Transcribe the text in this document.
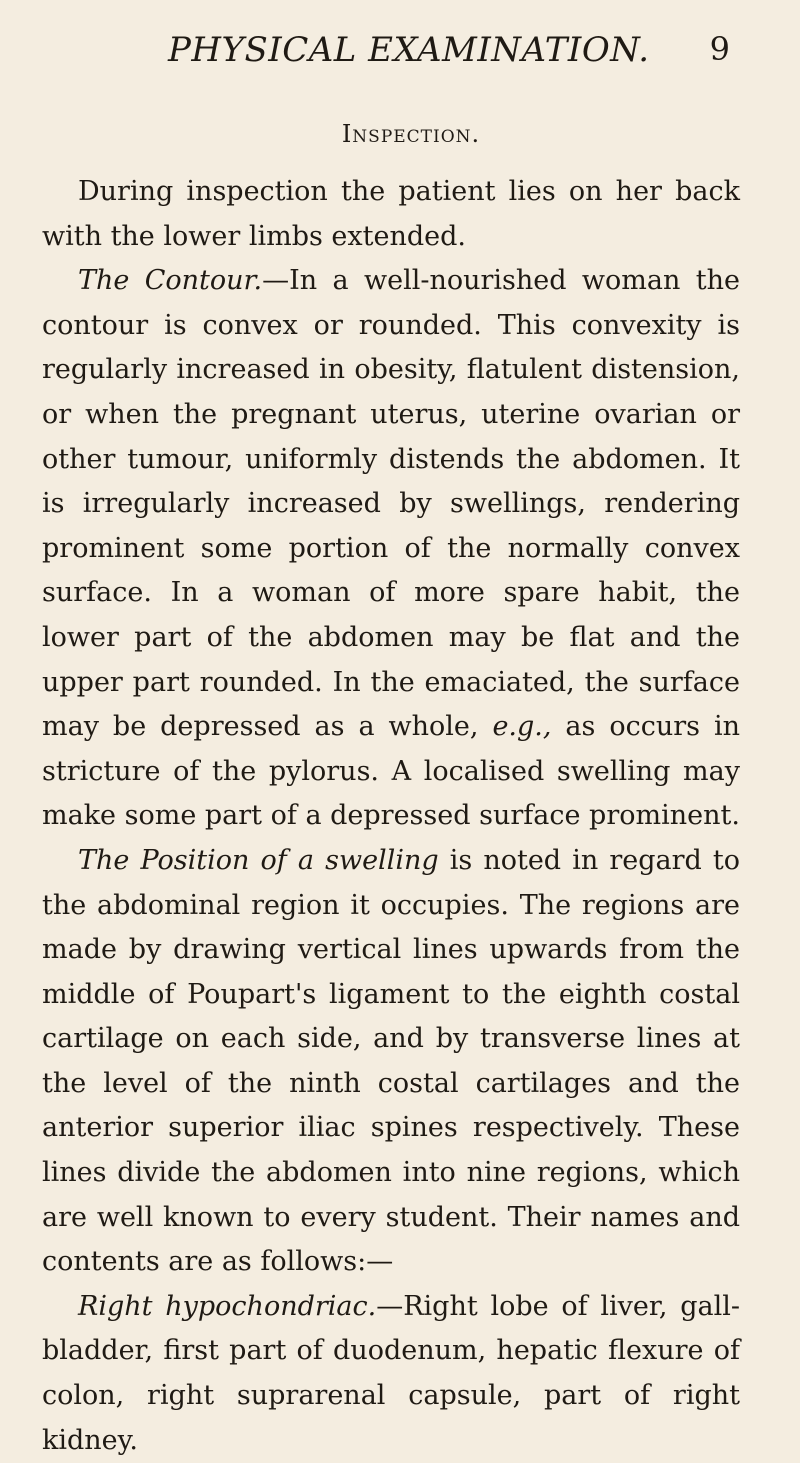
PHYSICAL EXAMINATION. 9
Inspection.

During inspection the patient lies on her back with the lower limbs extended.

The Contour.—In a well-nourished woman the contour is convex or rounded. This convexity is regularly increased in obesity, flatulent distension, or when the pregnant uterus, uterine ovarian or other tumour, uniformly distends the abdomen. It is irregularly increased by swellings, rendering prominent some portion of the normally convex surface. In a woman of more spare habit, the lower part of the abdomen may be flat and the upper part rounded. In the emaciated, the surface may be depressed as a whole, e.g., as occurs in stricture of the pylorus. A localised swelling may make some part of a depressed surface prominent.

The Position of a swelling is noted in regard to the abdominal region it occupies. The regions are made by drawing vertical lines upwards from the middle of Poupart's ligament to the eighth costal cartilage on each side, and by transverse lines at the level of the ninth costal cartilages and the anterior superior iliac spines respectively. These lines divide the abdomen into nine regions, which are well known to every student. Their names and contents are as follows:—

Right hypochondriac.—Right lobe of liver, gall-bladder, first part of duodenum, hepatic flexure of colon, right suprarenal capsule, part of right kidney.
